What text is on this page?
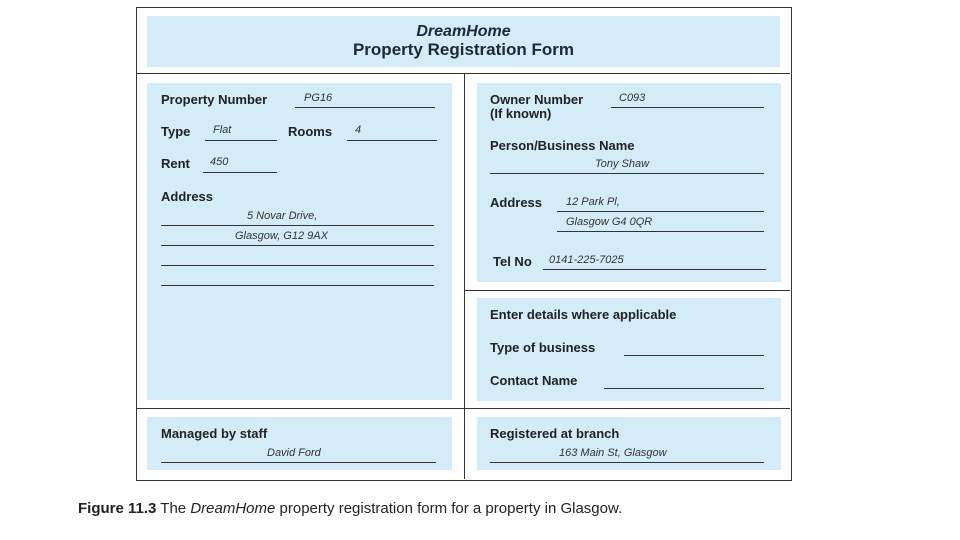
DreamHome
Property Registration Form
Property Number	PG16
Type Flat	Rooms 4
Rent 450
Address
5 Novar Drive,
Glasgow, G12 9AX
Owner Number
(If known)
C093
Person/Business Name
Tony Shaw
Address 12 Park Pl,
Glasgow G4 0QR
Tel No 0141-225-7025
Enter details where applicable
Type of business
Contact Name
Managed by staff
David Ford
Registered at branch
163 Main St, Glasgow
Figure 11.3 The DreamHome property registration form for a property in Glasgow.
